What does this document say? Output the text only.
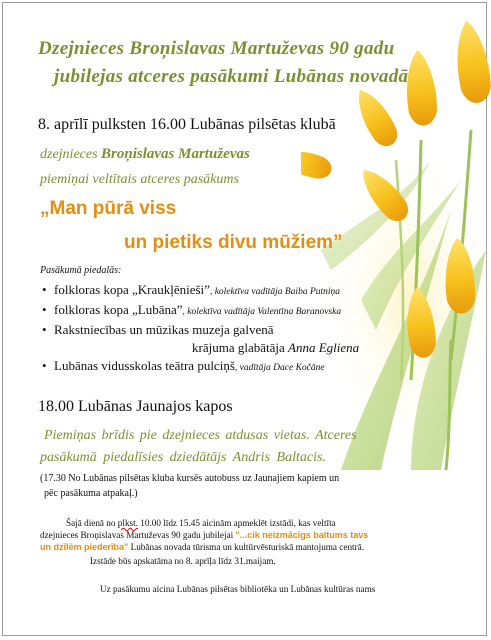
Dzejnieces Broņislavas Martuževas 90 gadu
jubilejas atceres pasākumi Lubānas novadā
8. aprīlī pulksten 16.00 Lubānas pilsētas klubā
dzejnieces Broņislavas Martuževas
piemiņai veltītais atceres pasākums
„Man pūrā viss
un pietiks divu mūžiem”
Pasākumā piedalās:
• folkloras kopa „Kraukļēnieši”, kolektīva vadītāja Baiba Putniņa
• folkloras kopa „Lubāna”, kolektīva vadītāja Valentīna Baranovska
• Rakstniecības un mūzikas muzeja galvenā
krājuma glabātāja Anna Egliena
• Lubānas vidusskolas teātra pulciņš, vadītāja Dace Kočāne
18.00 Lubānas Jaunajos kapos
Piemiņas brīdis pie dzejnieces atdusas vietas. Atceres
pasākumā piedalīsies dziedātājs Andris Baltacis.
(17.30 No Lubānas pilsētas kluba kursēs autobuss uz Jaunajiem kapiem un
pēc pasākuma atpakaļ.)
Šajā dienā no plkst. 10.00 līdz 15.45 aicinām apmeklēt izstādi, kas veltīta
dzejnieces Broņislavas Martuževas 90 gadu jubilejai "...cik neizmācīgs baltums tavs
un dzīlēm piederība" Lubānas novada tūrisma un kultūrvēsturiskā mantojuma centrā.
Izstāde būs apskatāma no 8. aprīļa līdz 31.maijam.
Uz pasākumu aicina Lubānas pilsētas bibliotēka un Lubānas kultūras nams
